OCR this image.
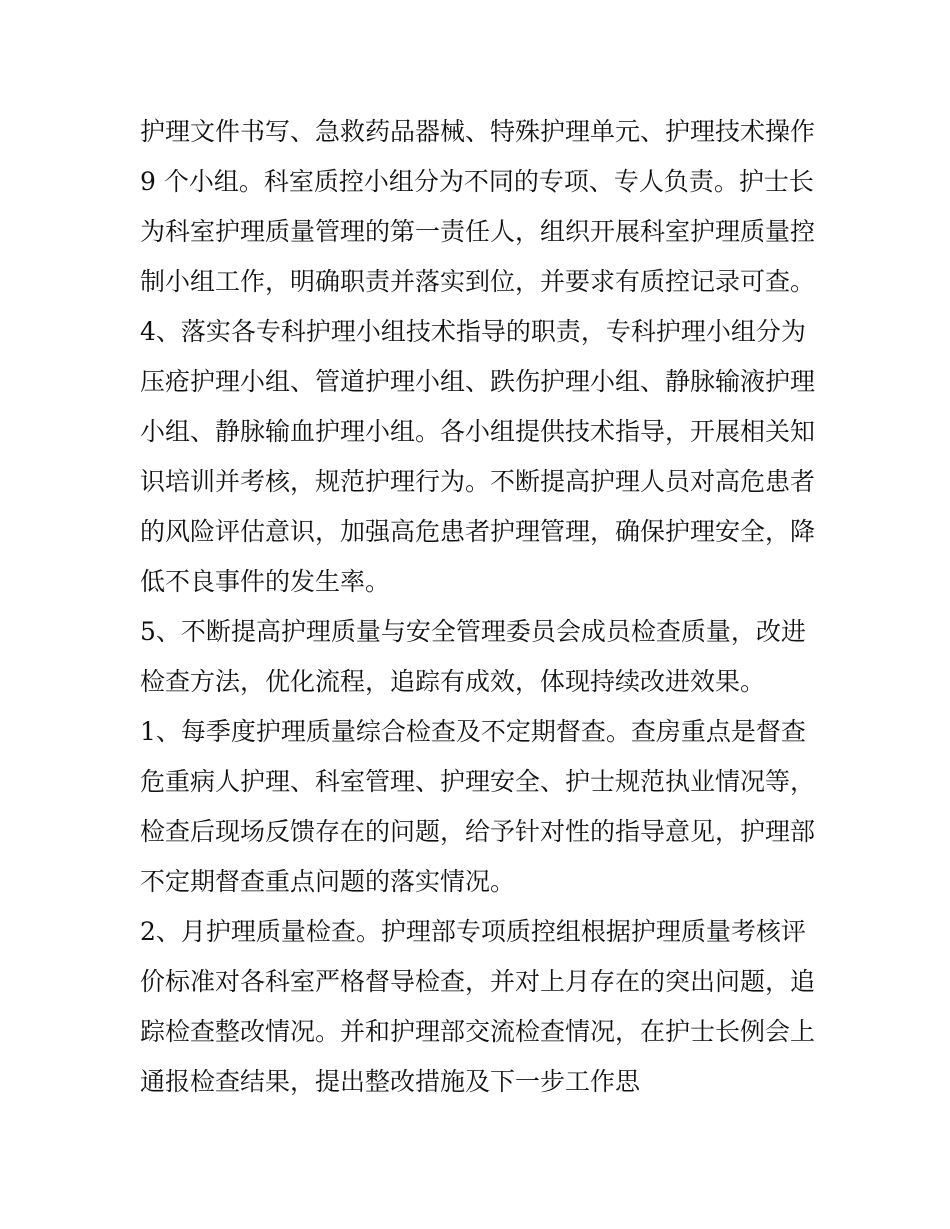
护理文件书写、急救药品器械、特殊护理单元、护理技术操作
9 个小组。科室质控小组分为不同的专项、专人负责。护士长
为科室护理质量管理的第一责任人，组织开展科室护理质量控
制小组工作，明确职责并落实到位，并要求有质控记录可查。
4、落实各专科护理小组技术指导的职责，专科护理小组分为
压疮护理小组、管道护理小组、跌伤护理小组、静脉输液护理
小组、静脉输血护理小组。各小组提供技术指导，开展相关知
识培训并考核，规范护理行为。不断提高护理人员对高危患者
的风险评估意识，加强高危患者护理管理，确保护理安全，降
低不良事件的发生率。
5、不断提高护理质量与安全管理委员会成员检查质量，改进
检查方法，优化流程，追踪有成效，体现持续改进效果。
1、每季度护理质量综合检查及不定期督查。查房重点是督查
危重病人护理、科室管理、护理安全、护士规范执业情况等，
检查后现场反馈存在的问题，给予针对性的指导意见，护理部
不定期督查重点问题的落实情况。
2、月护理质量检查。护理部专项质控组根据护理质量考核评
价标准对各科室严格督导检查，并对上月存在的突出问题，追
踪检查整改情况。并和护理部交流检查情况，在护士长例会上
通报检查结果，提出整改措施及下一步工作思
